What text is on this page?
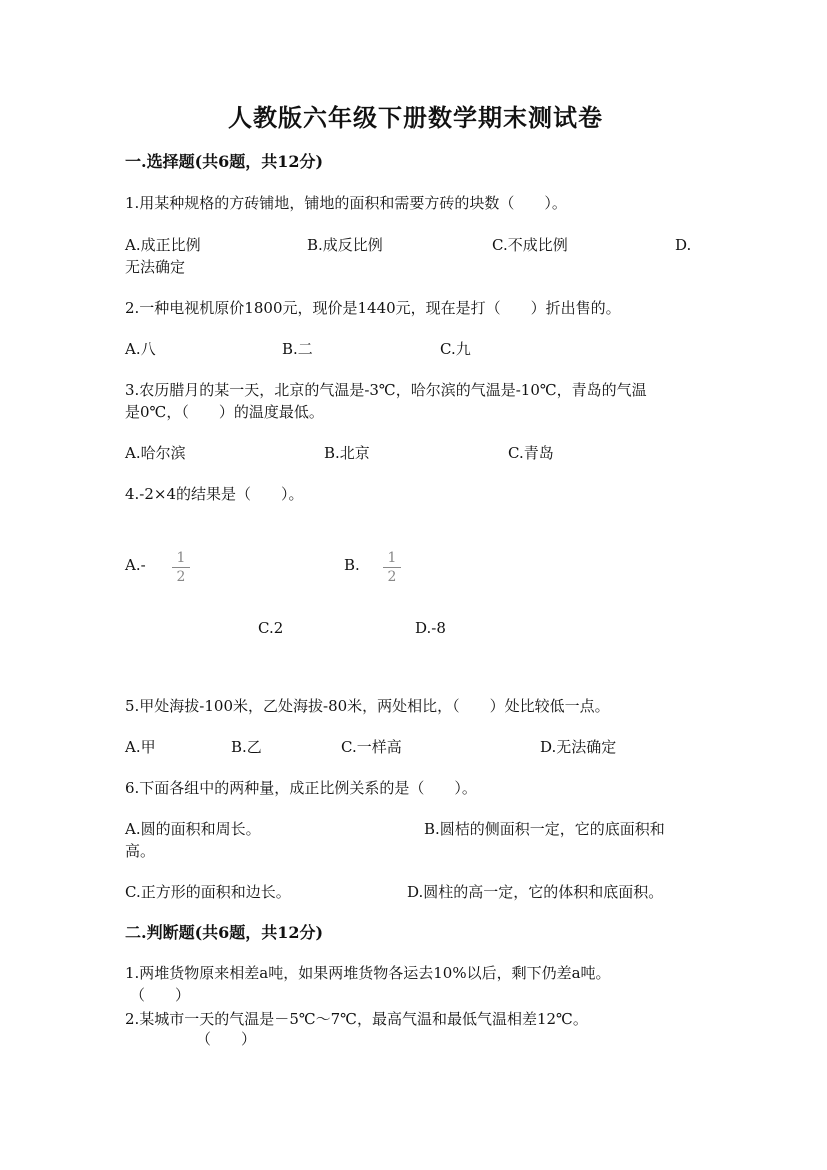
人教版六年级下册数学期末测试卷
一.选择题(共6题，共12分)
1.用某种规格的方砖铺地，铺地的面积和需要方砖的块数（　　）。
A.成正比例	B.成反比例	C.不成比例	D.
无法确定
2.一种电视机原价1800元，现价是1440元，现在是打（　　）折出售的。
A.八	B.二	C.九
3.农历腊月的某一天，北京的气温是-3℃，哈尔滨的气温是-10℃，青岛的气温
是0℃，（　　）的温度最低。
A.哈尔滨	B.北京	C.青岛
4.-2×4的结果是（　　）。
$A.- \frac{1}{2}$	B. $\frac{1}{2}$
C.2	D.-8
5.甲处海拔-100米，乙处海拔-80米，两处相比，（　　）处比较低一点。
A.甲	B.乙	C.一样高	D.无法确定
6.下面各组中的两种量，成正比例关系的是（　　）。
A.圆的面积和周长。	B.圆桔的侧面积一定，它的底面积和
高。
C.正方形的面积和边长。	D.圆柱的高一定，它的体积和底面积。
二.判断题(共6题，共12分)
1.两堆货物原来相差a吨，如果两堆货物各运去10%以后，剩下仍差a吨。
（　　）
2.某城市一天的气温是－5℃～7℃，最高气温和最低气温相差12℃。
（　　）
